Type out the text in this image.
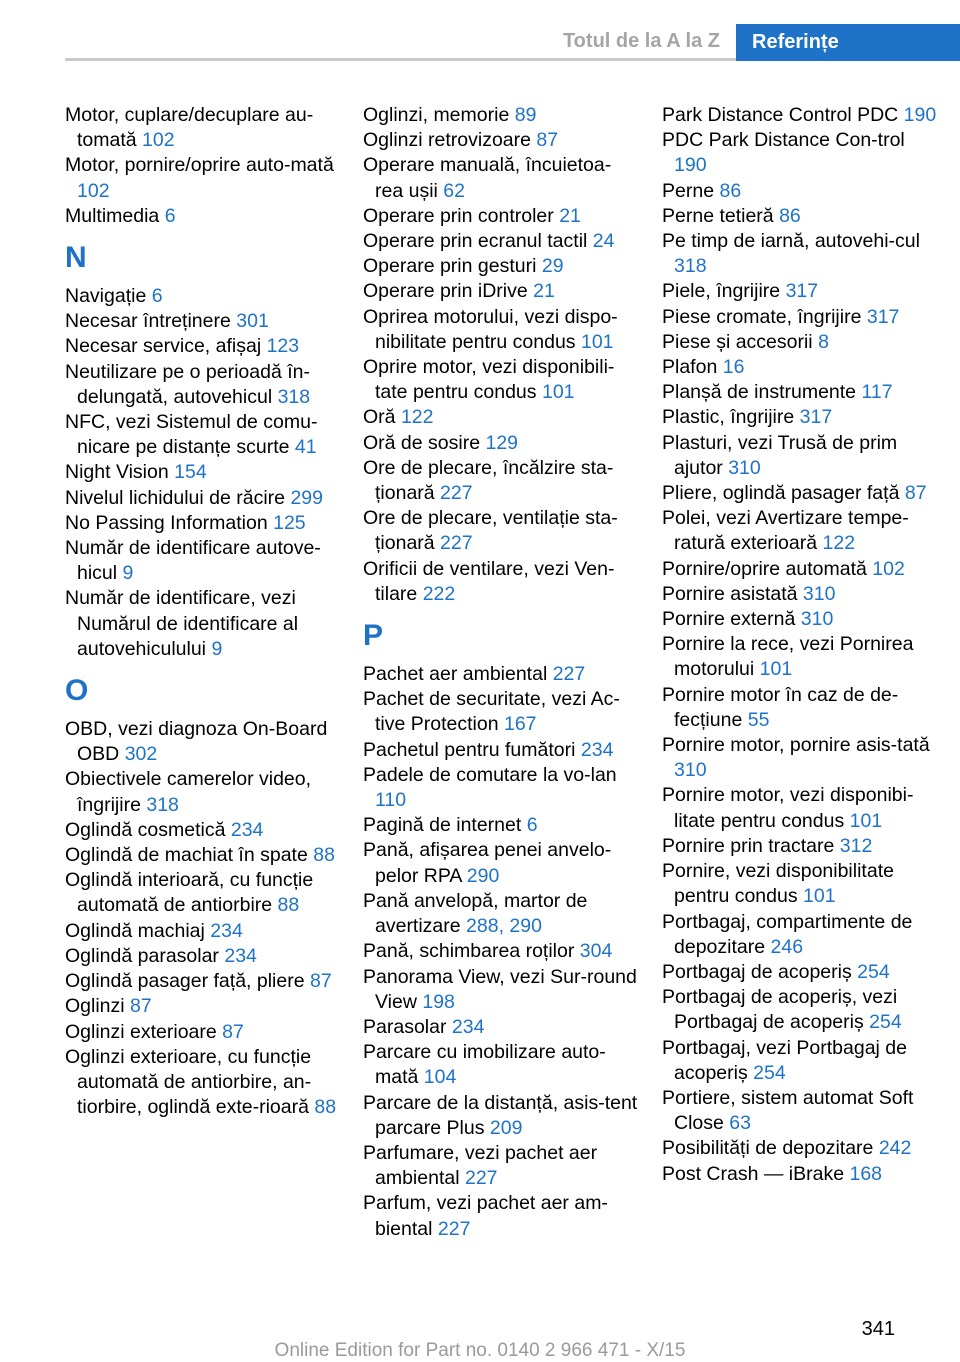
Totul de la A la Z	Referințe
Motor, cuplare/decuplare au-tomată 102
Motor, pornire/oprire auto-mată 102
Multimedia 6
N
Navigație 6
Necesar întreținere 301
Necesar service, afișaj 123
Neutilizare pe o perioadă în-delungată, autovehicul 318
NFC, vezi Sistemul de comu-nicare pe distanțe scurte 41
Night Vision 154
Nivelul lichidului de răcire 299
No Passing Information 125
Număr de identificare autove-hicul 9
Număr de identificare, vezi Numărul de identificare al autovehiculului 9
O
OBD, vezi diagnoza On-Board OBD 302
Obiectivele camerelor video, îngrijire 318
Oglindă cosmetică 234
Oglindă de machiat în spate 88
Oglindă interioară, cu funcție automată de antiorbire 88
Oglindă machiaj 234
Oglindă parasolar 234
Oglindă pasager față, pliere 87
Oglinzi 87
Oglinzi exterioare 87
Oglinzi exterioare, cu funcție automată de antiorbire, an-tiorbire, oglindă exte-rioară 88
Oglinzi, memorie 89
Oglinzi retrovizoare 87
Operare manuală, încuietoa-rea ușii 62
Operare prin controler 21
Operare prin ecranul tactil 24
Operare prin gesturi 29
Operare prin iDrive 21
Oprirea motorului, vezi dispo-nibilitate pentru condus 101
Oprire motor, vezi disponibili-tate pentru condus 101
Oră 122
Oră de sosire 129
Ore de plecare, încălzire sta-ționară 227
Ore de plecare, ventilație sta-ționară 227
Orificii de ventilare, vezi Ven-tilare 222
P
Pachet aer ambiental 227
Pachet de securitate, vezi Ac-tive Protection 167
Pachetul pentru fumători 234
Padele de comutare la vo-lan 110
Pagină de internet 6
Pană, afișarea penei anvelo-pelor RPA 290
Pană anvelopă, martor de avertizare 288, 290
Pană, schimbarea roților 304
Panorama View, vezi Sur-round View 198
Parasolar 234
Parcare cu imobilizare auto-mată 104
Parcare de la distanță, asis-tent parcare Plus 209
Parfumare, vezi pachet aer ambiental 227
Parfum, vezi pachet aer am-biental 227
Park Distance Control PDC 190
PDC Park Distance Con-trol 190
Perne 86
Perne tetieră 86
Pe timp de iarnă, autovehi-cul 318
Piele, îngrijire 317
Piese cromate, îngrijire 317
Piese și accesorii 8
Plafon 16
Planșă de instrumente 117
Plastic, îngrijire 317
Plasturi, vezi Trusă de prim ajutor 310
Pliere, oglindă pasager față 87
Polei, vezi Avertizare tempe-ratură exterioară 122
Pornire/oprire automată 102
Pornire asistată 310
Pornire externă 310
Pornire la rece, vezi Pornirea motorului 101
Pornire motor în caz de de-fecțiune 55
Pornire motor, pornire asis-tată 310
Pornire motor, vezi disponibi-litate pentru condus 101
Pornire prin tractare 312
Pornire, vezi disponibilitate pentru condus 101
Portbagaj, compartimente de depozitare 246
Portbagaj de acoperiș 254
Portbagaj de acoperiș, vezi Portbagaj de acoperiș 254
Portbagaj, vezi Portbagaj de acoperiș 254
Portiere, sistem automat Soft Close 63
Posibilități de depozitare 242
Post Crash — iBrake 168
341
Online Edition for Part no. 0140 2 966 471 - X/15
